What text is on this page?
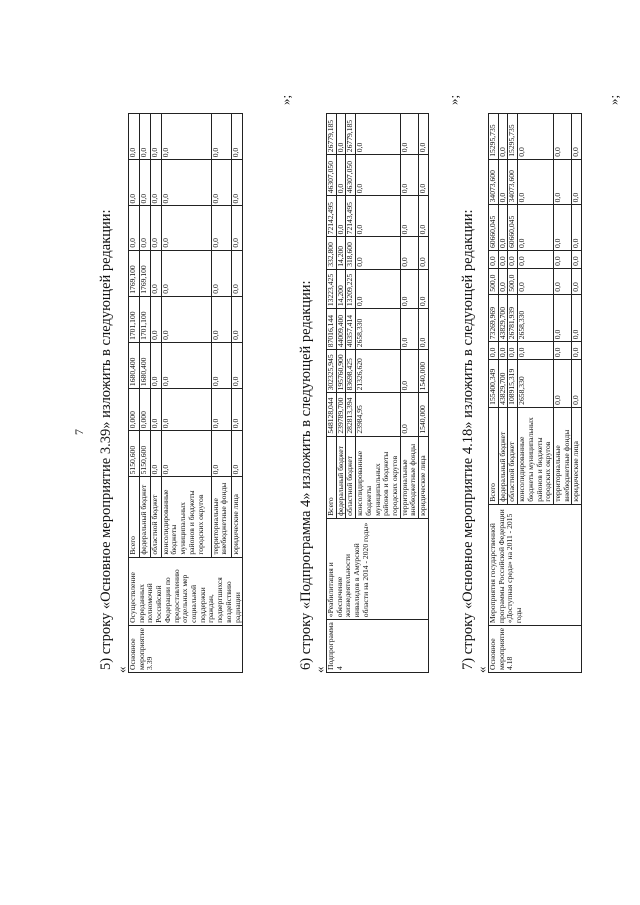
7 5) строку «Основное мероприятие 3.39» изложить в следующей редакции: « Основное мероприятие 3.39	Осуществление переданных полномочий Российской Федерации по предоставлению отдельных мер социальной поддержки граждан, подвергшихся воздействию радиации	Всего	5150,600	0,000	1680,400	1701,100	1769,100	0,0	0,0	0,0
		федеральный бюджет	5150,600	0,000	1680,400	1701,100	1769,100	0,0	0,0	0,0
		областной бюджет	0,0	0,0	0,0	0,0	0,0	0,0	0,0	0,0
		консолидированные бюджеты муниципальных районов и бюджеты городских округов	0,0	0,0	0,0	0,0	0,0	0,0	0,0	0,0
		территориальные внебюджетные фонды	0,0	0,0	0,0	0,0	0,0	0,0	0,0	0,0
		юридические лица	0,0	0,0	0,0	0,0	0,0	0,0	0,0	0,0
»;
6) строку «Подпрограмма 4» изложить в следующей редакции:
« Подпрограмма 4	«Реабилитация и обеспечение жизнедеятельности инвалидов в Амурской области на 2014 - 2020 годы»	Всего	548128,044	302325,945	87016,144	13223,425	332,800	72142,495	46307,050	26779,185
		федеральный бюджет	239789,700	195760,900	44009,400	14,200	14,200	0,0	0,0	0,0
		областной бюджет	282813,394	83698,425	40357,414	13209,225	318,600	72143,495	46307,050	26779,185
		консолидированные бюджеты муниципальных районов и бюджеты городских округов	23984,95	21326,620	2658,330	0,0	0,0	0,0	0,0	0,0
		территориальные внебюджетные фонды	0,0	0,0	0,0	0,0	0,0	0,0	0,0	0,0
		юридические лица	1540,000	1540,000	0,0	0,0	0,0	0,0	0,0	0,0
»;
7) строку «Основное мероприятие 4.18» изложить в следующей редакции:
« Основное мероприятие 4.18	Мероприятия государственной программы Российской Федерации «Доступная среда» на 2011 - 2015 годы	Всего	155400,349	0,0	73269,969	500,0	0,0	60660,045	34073,600	15295,735
		федеральный бюджет	43829,700	0,0	43829,700	0,0	0,0	0,0	0,0	0,0
		областной бюджет	108915,319	0,0	26781,939	500,0	0,0	60660,045	34073,600	15295,735
		консолидированные бюджеты муниципальных районов и бюджеты городских округов	2658,330	0,0	2658,330	0,0	0,0	0,0	0,0	0,0
		территориальные внебюджетные фонды	0,0	0,0	0,0	0,0	0,0	0,0	0,0	0,0
		юридические лица	0,0	0,0	0,0	0,0	0,0	0,0	0,0	0,0
»;
